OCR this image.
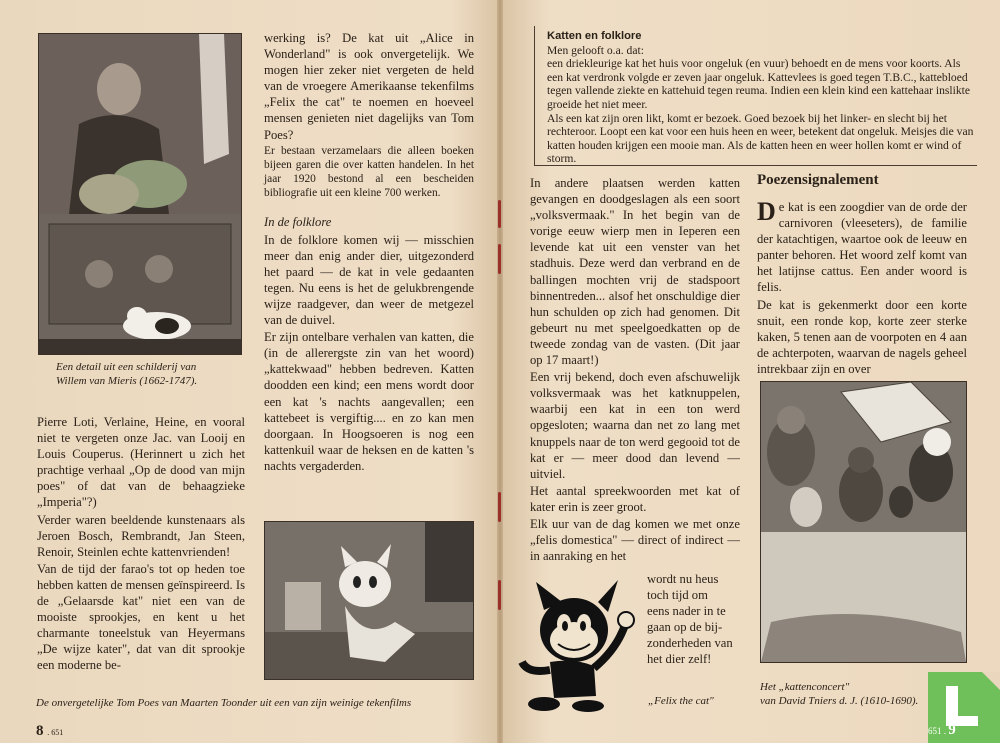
Een detail uit een schilderij van
Willem van Mieris (1662-1747).

Pierre Loti, Verlaine, Heine, en vooral niet te vergeten onze Jac. van Looij en Louis Couperus. (Herinnert u zich het prachtige verhaal „Op de dood van mijn poes" of dat van de behaagzieke „Imperia"?)

Verder waren beeldende kunstenaars als Jeroen Bosch, Rembrandt, Jan Steen, Renoir, Steinlen echte kattenvrienden!

Van de tijd der farao's tot op heden toe hebben katten de mensen geïnspireerd. Is de „Gelaarsde kat" niet een van de mooiste sprookjes, en kent u het charmante toneelstuk van Heyermans „De wijze kater", dat van dit sprookje een moderne be-

werking is? De kat uit „Alice in Wonderland" is ook onvergetelijk. We mogen hier zeker niet vergeten de held van de vroegere Amerikaanse tekenfilms „Felix the cat" te noemen en hoeveel mensen genieten niet dagelijks van Tom Poes?

Er bestaan verzamelaars die alleen boeken bijeen garen die over katten handelen. In het jaar 1920 bestond al een bescheiden bibliografie uit een kleine 700 werken.

In de folklore

In de folklore komen wij — misschien meer dan enig ander dier, uitgezonderd het paard — de kat in vele gedaanten tegen. Nu eens is het de gelukbrengende wijze raadgever, dan weer de metgezel van de duivel.

Er zijn ontelbare verhalen van katten, die (in de allerergste zin van het woord) „kattekwaad" hebben bedreven. Katten doodden een kind; een mens wordt door een kat 's nachts aangevallen; een kattebeet is vergiftig.... en zo kan men doorgaan. In Hoogsoeren is nog een kattenkuil waar de heksen en de katten 's nachts vergaderden.

De onvergetelijke Tom Poes van Maarten Toonder uit een van zijn weinige tekenfilms
8 . 651

Katten en folklore

Men gelooft o.a. dat:

een driekleurige kat het huis voor ongeluk (en vuur) behoedt en de mens voor koorts. Als een kat verdronk volgde er zeven jaar ongeluk. Kattevlees is goed tegen T.B.C., kattebloed tegen vallende ziekte en kattehuid tegen reuma. Indien een klein kind een kattehaar inslikte groeide het niet meer.

Als een kat zijn oren likt, komt er bezoek. Goed bezoek bij het linker- en slecht bij het rechteroor. Loopt een kat voor een huis heen en weer, betekent dat ongeluk. Meisjes die van katten houden krijgen een mooie man. Als de katten heen en weer hollen komt er wind of storm.

In andere plaatsen werden katten gevangen en doodgeslagen als een soort „volksvermaak." In het begin van de vorige eeuw wierp men in Ieperen een levende kat uit een venster van het stadhuis. Deze werd dan verbrand en de ballingen mochten vrij de stadspoort binnentreden... alsof het onschuldige dier hun schulden op zich had genomen. Dit gebeurt nu met speelgoedkatten op de tweede zondag van de vasten. (Dit jaar op 17 maart!)

Een vrij bekend, doch even afschuwelijk volksvermaak was het katknuppelen, waarbij een kat in een ton werd opgesloten; waarna dan net zo lang met knuppels naar de ton werd gegooid tot de kat er — meer dood dan levend — uitviel.

Het aantal spreekwoorden met kat of kater erin is zeer groot.

Elk uur van de dag komen we met onze „felis domestica" — direct of indirect — in aanraking en het

wordt nu heus
toch tijd om
eens nader in te
gaan op de bij-
zonderheden van
het dier zelf!
„Felix the cat"
Poezensignalement

De kat is een zoogdier van de orde der carnivoren (vleeseters), de familie der katachtigen, waartoe ook de leeuw en panter behoren. Het woord zelf komt van het latijnse cattus. Een ander woord is felis.

De kat is gekenmerkt door een korte snuit, een ronde kop, korte zeer sterke kaken, 5 tenen aan de voorpoten en 4 aan de achterpoten, waarvan de nagels geheel intrekbaar zijn en over

Het „kattenconcert"
van David Tniers d. J. (1610-1690).
651 . 9
